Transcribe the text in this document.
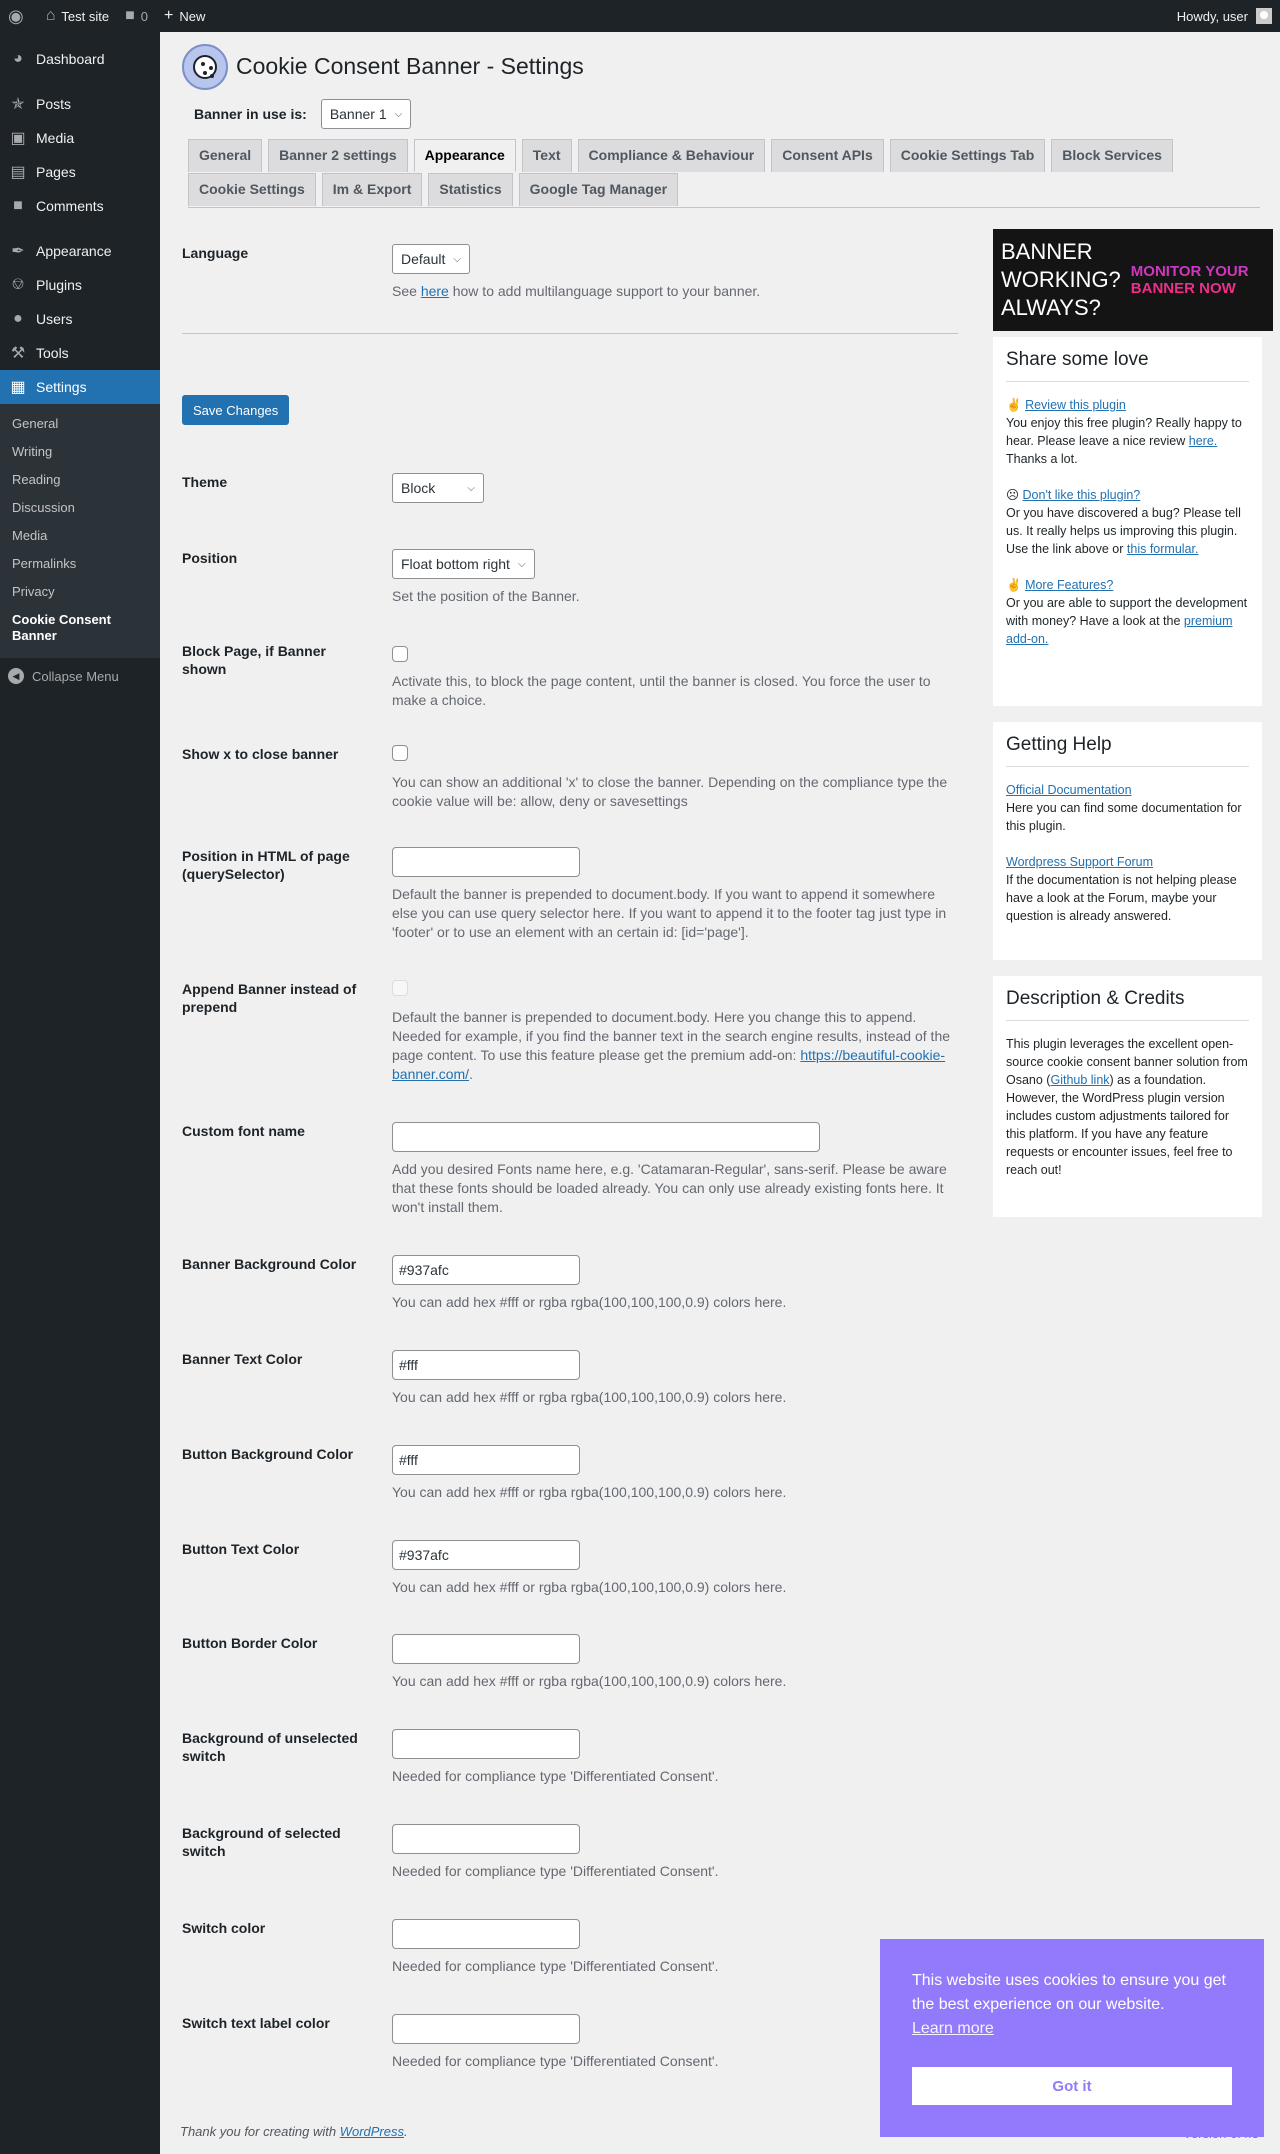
◉ ⌂ Test site ■ 0 + New	Howdy, user
◕ Dashboard
✯ Posts
▣ Media
▤ Pages
■ Comments
✒ Appearance
⎊ Plugins
● Users
⚒ Tools
▦ Settings
General
Writing
Reading
Discussion
Media
Permalinks
Privacy
Cookie Consent Banner
◀ Collapse Menu
Cookie Consent Banner - Settings
Banner in use is: Banner 1 ⌵
General	Banner 2 settings	Appearance	Text	Compliance & Behaviour	Consent APIs	Cookie Settings Tab	Block Services
Cookie Settings	Im & Export	Statistics	Google Tag Manager
Language	Default ⌵
See here how to add multilanguage support to your banner.
Save Changes
Theme	Block	⌵
Position	Float bottom right ⌵
Set the position of the Banner.
Block Page, if Banner shown
Activate this, to block the page content, until the banner is closed. You force the user to make a choice.
Show x to close banner
You can show an additional 'x' to close the banner. Depending on the compliance type the cookie value will be: allow, deny or savesettings
Position in HTML of page (querySelector)
Default the banner is prepended to document.body. If you want to append it somewhere else you can use query selector here. If you want to append it to the footer tag just type in 'footer' or to use an element with an certain id: [id='page'].
Append Banner instead of prepend
Default the banner is prepended to document.body. Here you change this to append. Needed for example, if you find the banner text in the search engine results, instead of the page content. To use this feature please get the premium add-on: https://beautiful-cookie-banner.com/.
Custom font name
Add you desired Fonts name here, e.g. 'Catamaran-Regular', sans-serif. Please be aware that these fonts should be loaded already. You can only use already existing fonts here. It won't install them.
Banner Background Color	#937afc
You can add hex #fff or rgba rgba(100,100,100,0.9) colors here.
Banner Text Color	#fff
You can add hex #fff or rgba rgba(100,100,100,0.9) colors here.
Button Background Color	#fff
You can add hex #fff or rgba rgba(100,100,100,0.9) colors here.
Button Text Color	#937afc
You can add hex #fff or rgba rgba(100,100,100,0.9) colors here.
Button Border Color
You can add hex #fff or rgba rgba(100,100,100,0.9) colors here.
Background of unselected switch
Needed for compliance type 'Differentiated Consent'.
Background of selected switch
Needed for compliance type 'Differentiated Consent'.
Switch color
Needed for compliance type 'Differentiated Consent'.
Switch text label color
Needed for compliance type 'Differentiated Consent'.
BANNER WORKING? ALWAYS?
MONITOR YOUR BANNER NOW
Share some love

✌ Review this plugin
You enjoy this free plugin? Really happy to hear. Please leave a nice review here.
Thanks a lot.

☹ Don't like this plugin?
Or you have discovered a bug? Please tell us. It really helps us improving this plugin. Use the link above or this formular.

✌ More Features?
Or you are able to support the development with money? Have a look at the premium add-on.

Getting Help

Official Documentation
Here you can find some documentation for this plugin.

Wordpress Support Forum
If the documentation is not helping please have a look at the Forum, maybe your question is already answered.

Description & Credits

This plugin leverages the excellent open-source cookie consent banner solution from Osano (Github link) as a foundation. However, the WordPress plugin version includes custom adjustments tailored for this platform. If you have any feature requests or encounter issues, feel free to reach out!

Thank you for creating with WordPress.
This website uses cookies to ensure you get the best experience on our website.
Learn more
Got it
